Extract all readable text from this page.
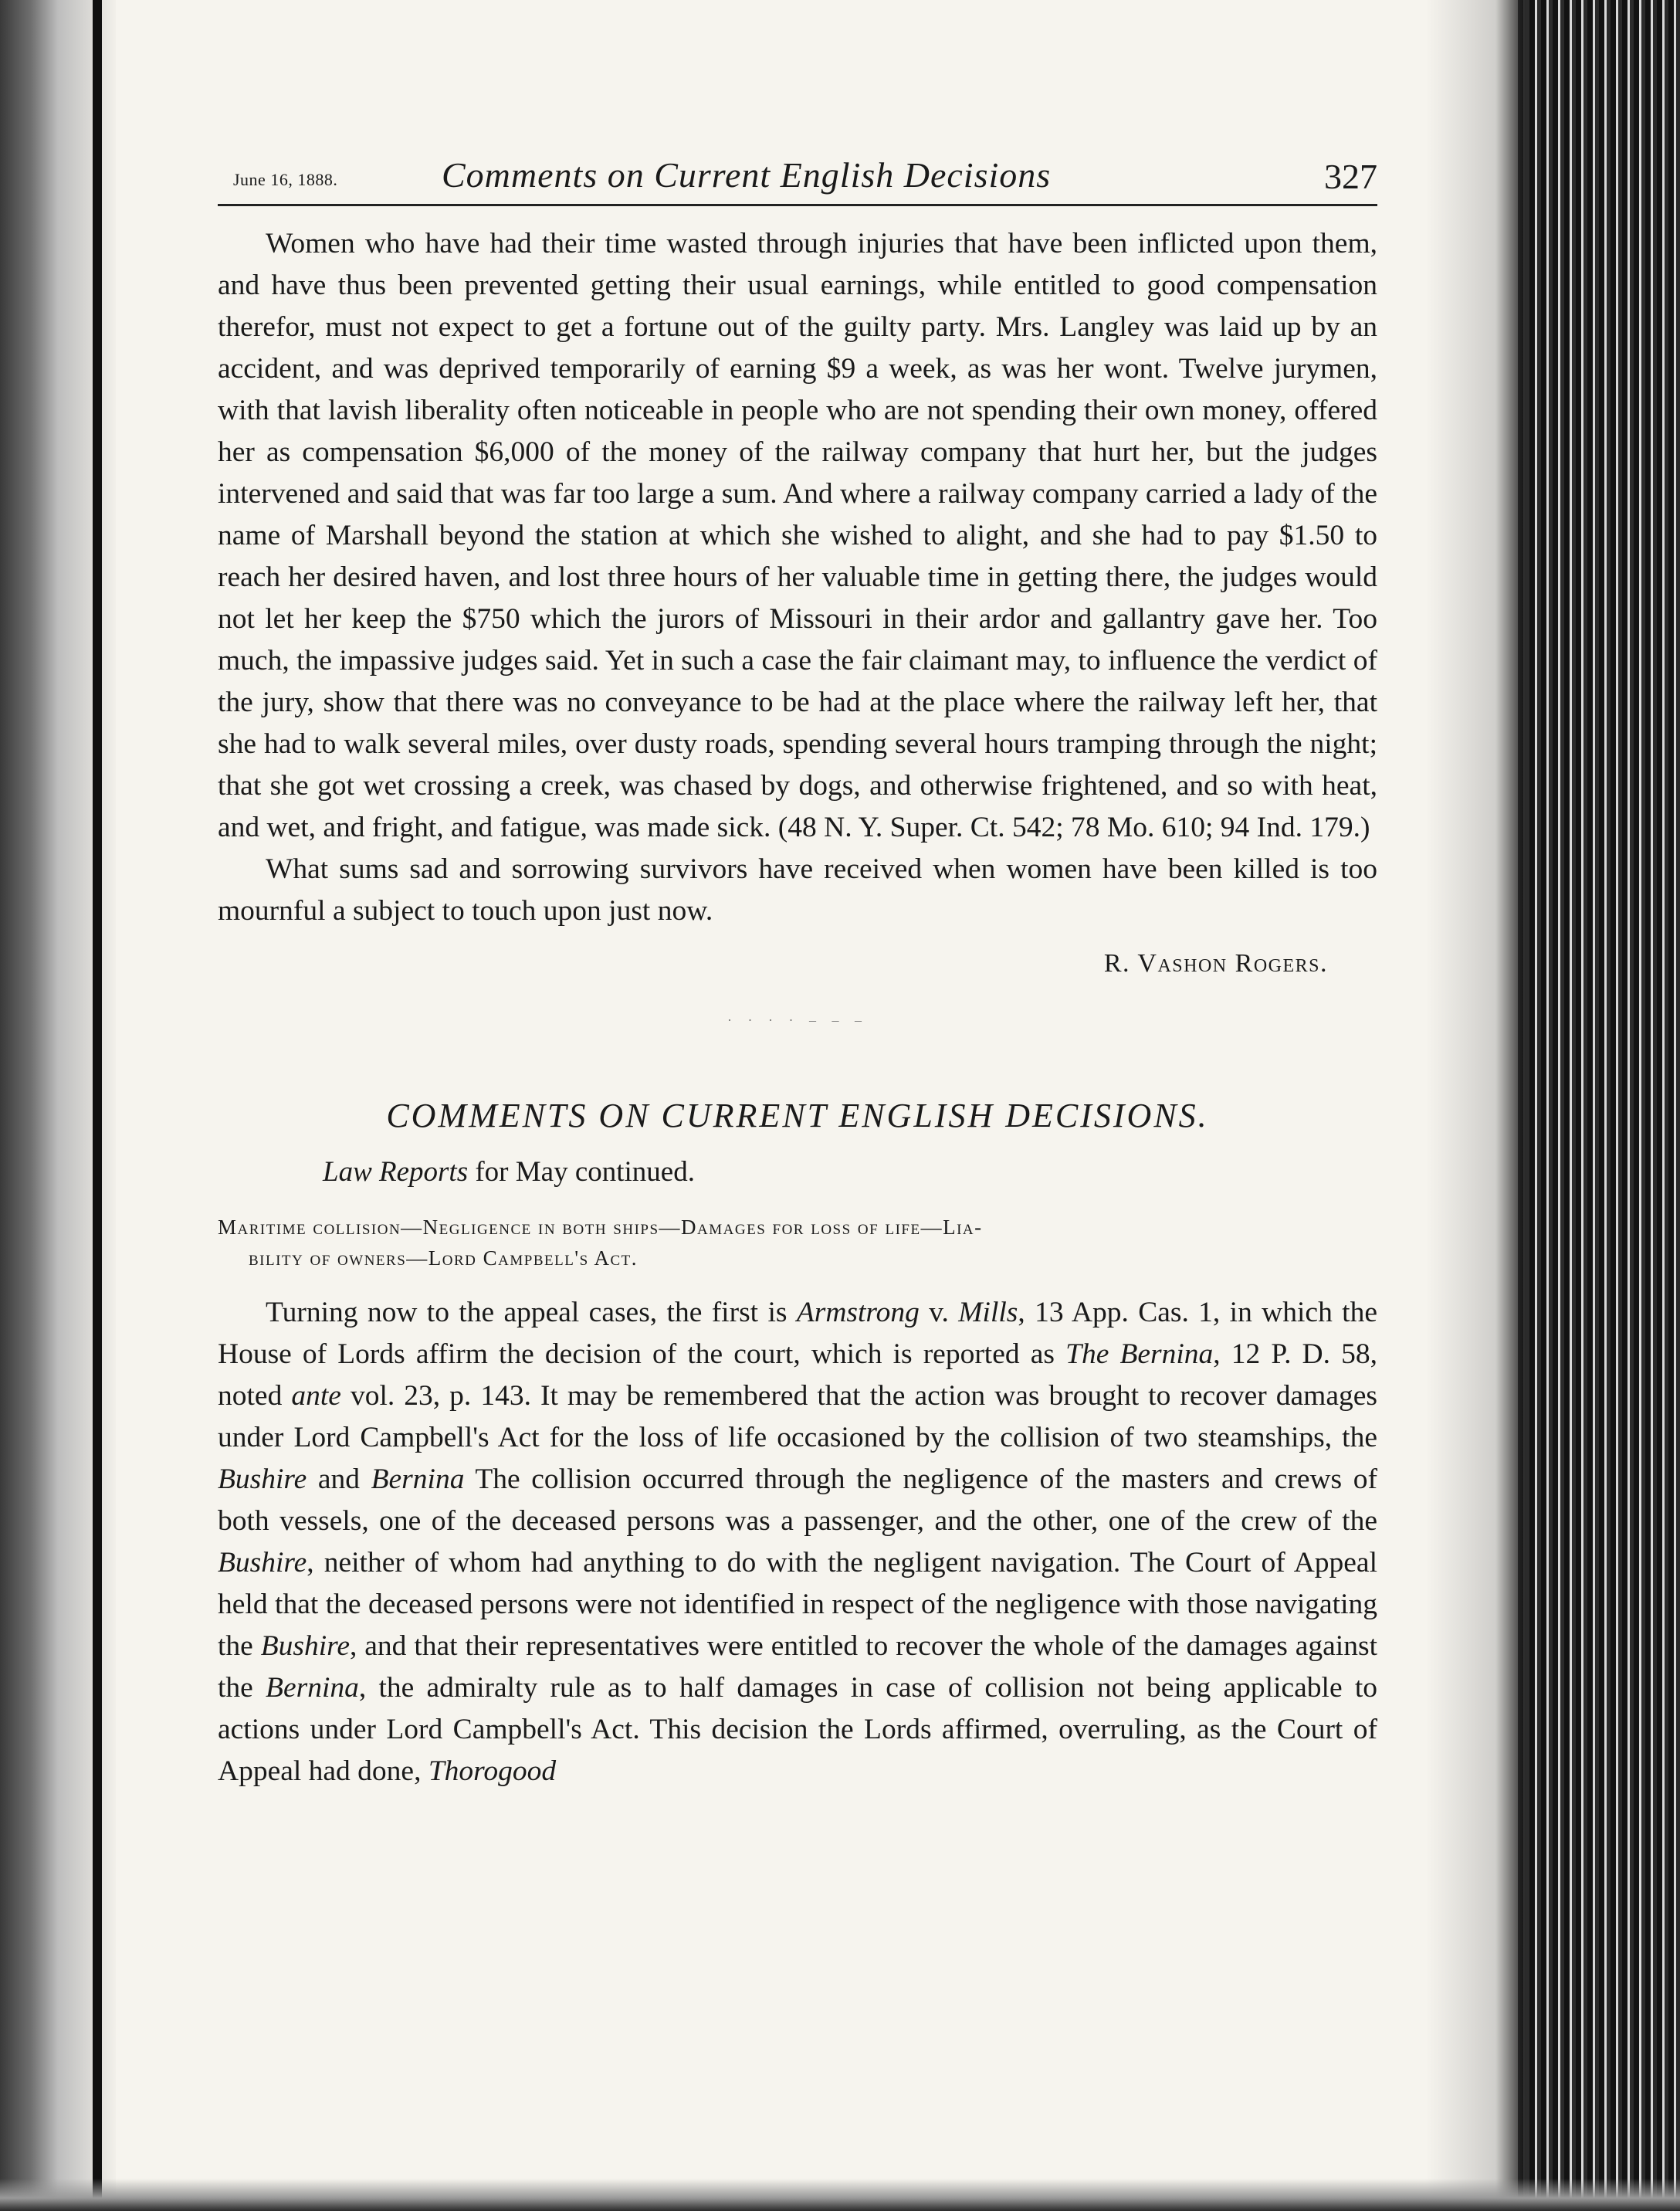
June 16, 1888.	Comments on Current English Decisions	327

Women who have had their time wasted through injuries that have been inflicted upon them, and have thus been prevented getting their usual earnings, while entitled to good compensation therefor, must not expect to get a fortune out of the guilty party. Mrs. Langley was laid up by an accident, and was deprived temporarily of earning $9 a week, as was her wont. Twelve jurymen, with that lavish liberality often noticeable in people who are not spending their own money, offered her as compensation $6,000 of the money of the railway company that hurt her, but the judges intervened and said that was far too large a sum. And where a railway company carried a lady of the name of Marshall beyond the station at which she wished to alight, and she had to pay $1.50 to reach her desired haven, and lost three hours of her valuable time in getting there, the judges would not let her keep the $750 which the jurors of Missouri in their ardor and gallantry gave her. Too much, the impassive judges said. Yet in such a case the fair claimant may, to influence the verdict of the jury, show that there was no conveyance to be had at the place where the railway left her, that she had to walk several miles, over dusty roads, spending several hours tramping through the night; that she got wet crossing a creek, was chased by dogs, and otherwise frightened, and so with heat, and wet, and fright, and fatigue, was made sick. (48 N. Y. Super. Ct. 542; 78 Mo. 610; 94 Ind. 179.)

What sums sad and sorrowing survivors have received when women have been killed is too mournful a subject to touch upon just now.

R. Vashon Rogers.
· · · · ‒ ‒ ‒
COMMENTS ON CURRENT ENGLISH DECISIONS.
Law Reports for May continued.
Maritime collision—Negligence in both ships—Damages for loss of life—Lia-
bility of owners—Lord Campbell's Act.

Turning now to the appeal cases, the first is Armstrong v. Mills, 13 App. Cas. 1, in which the House of Lords affirm the decision of the court, which is reported as The Bernina, 12 P. D. 58, noted ante vol. 23, p. 143. It may be remembered that the action was brought to recover damages under Lord Campbell's Act for the loss of life occasioned by the collision of two steamships, the Bushire and Bernina The collision occurred through the negligence of the masters and crews of both vessels, one of the deceased persons was a passenger, and the other, one of the crew of the Bushire, neither of whom had anything to do with the negligent navigation. The Court of Appeal held that the deceased persons were not identified in respect of the negligence with those navigating the Bushire, and that their representatives were entitled to recover the whole of the damages against the Bernina, the admiralty rule as to half damages in case of collision not being applicable to actions under Lord Campbell's Act. This decision the Lords affirmed, overruling, as the Court of Appeal had done, Thorogood
